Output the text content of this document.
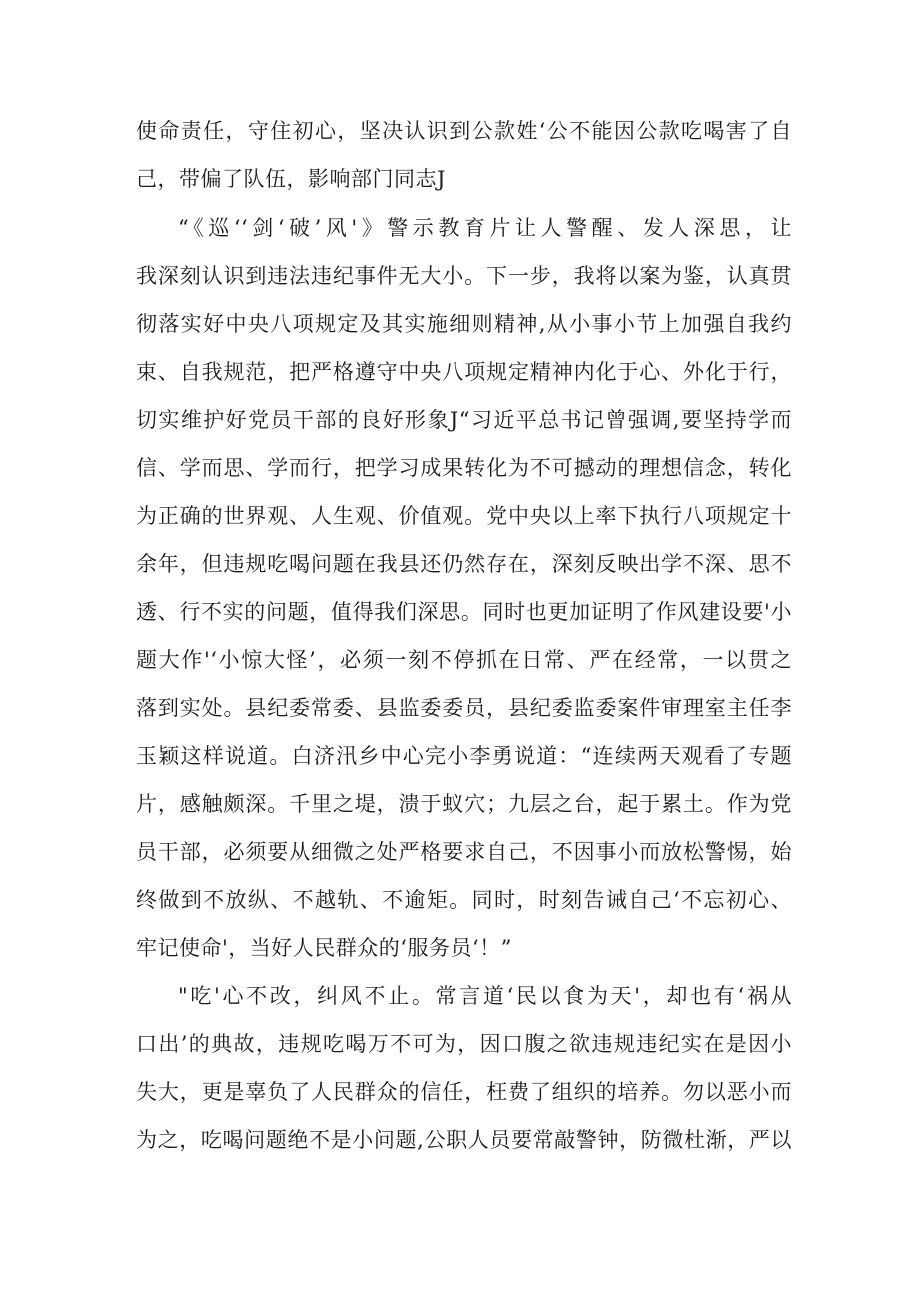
使命责任，守住初心，坚决认识到公款姓‘公不能因公款吃喝害了自
己，带偏了队伍，影响部门同志J
“《巡‘‘剑‘破’风'》警示教育片让人警醒、发人深思，让
我深刻认识到违法违纪事件无大小。下一步，我将以案为鉴，认真贯
彻落实好中央八项规定及其实施细则精神,从小事小节上加强自我约
束、自我规范，把严格遵守中央八项规定精神内化于心、外化于行，
切实维护好党员干部的良好形象J“习近平总书记曾强调,要坚持学而
信、学而思、学而行，把学习成果转化为不可撼动的理想信念，转化
为正确的世界观、人生观、价值观。党中央以上率下执行八项规定十
余年，但违规吃喝问题在我县还仍然存在，深刻反映出学不深、思不
透、行不实的问题，值得我们深思。同时也更加证明了作风建设要'小
题大作'‘小惊大怪’，必须一刻不停抓在日常、严在经常，一以贯之
落到实处。县纪委常委、县监委委员，县纪委监委案件审理室主任李
玉颖这样说道。白济汛乡中心完小李勇说道：“连续两天观看了专题
片，感触颇深。千里之堤，溃于蚁穴；九层之台，起于累土。作为党
员干部，必须要从细微之处严格要求自己，不因事小而放松警惕，始
终做到不放纵、不越轨、不逾矩。同时，时刻告诫自己‘不忘初心、
牢记使命'，当好人民群众的‘服务员‘！”
"吃'心不改，纠风不止。常言道‘民以食为天'，却也有‘祸从
口出’的典故，违规吃喝万不可为，因口腹之欲违规违纪实在是因小
失大，更是辜负了人民群众的信任，枉费了组织的培养。勿以恶小而
为之，吃喝问题绝不是小问题,公职人员要常敲警钟，防微杜渐，严以
